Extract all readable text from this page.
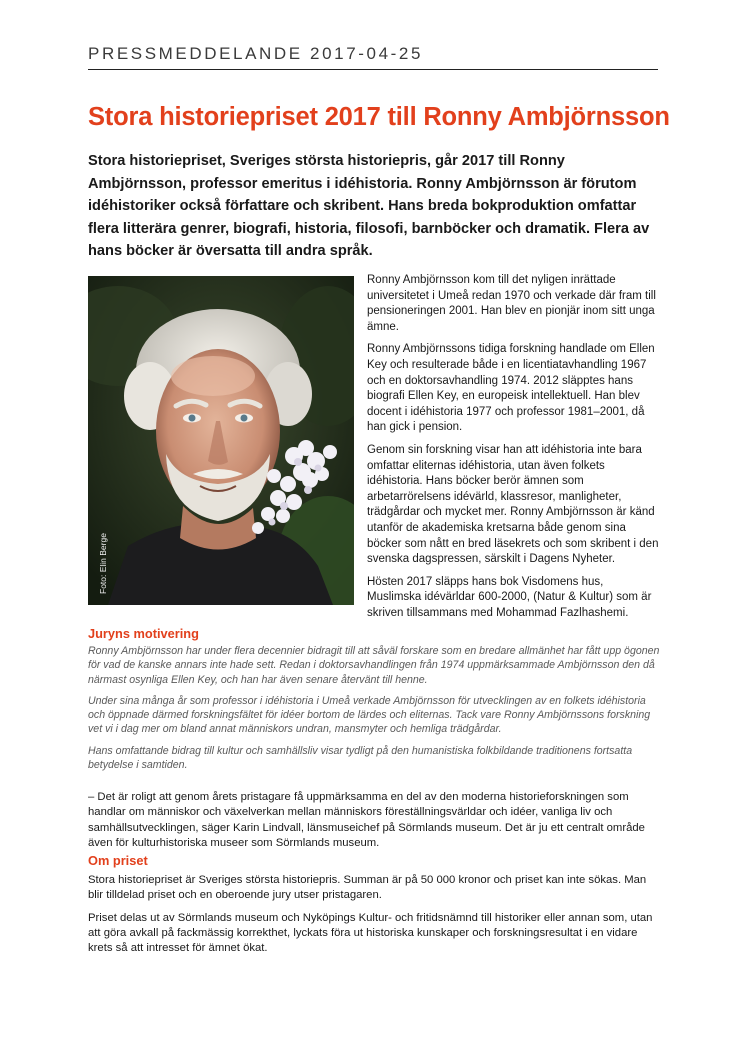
PRESSMEDDELANDE 2017-04-25
Stora historiepriset 2017 till Ronny Ambjörnsson
Stora historiepriset, Sveriges största historiepris, går 2017 till Ronny Ambjörnsson, professor emeritus i idéhistoria. Ronny Ambjörnsson är förutom idéhistoriker också författare och skribent. Hans breda bokproduktion omfattar flera litterära genrer, biografi, historia, filosofi, barnböcker och dramatik. Flera av hans böcker är översatta till andra språk.
Foto: Elin Berge

Ronny Ambjörnsson kom till det nyligen inrättade universitetet i Umeå redan 1970 och verkade där fram till pensioneringen 2001. Han blev en pionjär inom sitt unga ämne.

Ronny Ambjörnssons tidiga forskning handlade om Ellen Key och resulterade både i en licentiatavhandling 1967 och en doktorsavhandling 1974. 2012 släpptes hans biografi Ellen Key, en europeisk intellektuell. Han blev docent i idéhistoria 1977 och professor 1981–2001, då han gick i pension.

Genom sin forskning visar han att idéhistoria inte bara omfattar eliternas idéhistoria, utan även folkets idéhistoria. Hans böcker berör ämnen som arbetarrörelsens idévärld, klassresor, manligheter, trädgårdar och mycket mer. Ronny Ambjörnsson är känd utanför de akademiska kretsarna både genom sina böcker som nått en bred läsekrets och som skribent i den svenska dagspressen, särskilt i Dagens Nyheter.

Hösten 2017 släpps hans bok Visdomens hus, Muslimska idévärldar 600-2000, (Natur & Kultur) som är skriven tillsammans med Mohammad Fazlhashemi.

Juryns motivering

Ronny Ambjörnsson har under flera decennier bidragit till att såväl forskare som en bredare allmänhet har fått upp ögonen för vad de kanske annars inte hade sett. Redan i doktorsavhandlingen från 1974 uppmärksammade Ambjörnsson den då närmast osynliga Ellen Key, och han har även senare återvänt till henne.

Under sina många år som professor i idéhistoria i Umeå verkade Ambjörnsson för utvecklingen av en folkets idéhistoria och öppnade därmed forskningsfältet för idéer bortom de lärdes och eliternas. Tack vare Ronny Ambjörnssons forskning vet vi i dag mer om bland annat människors undran, mansmyter och hemliga trädgårdar.

Hans omfattande bidrag till kultur och samhällsliv visar tydligt på den humanistiska folkbildande traditionens fortsatta betydelse i samtiden.

– Det är roligt att genom årets pristagare få uppmärksamma en del av den moderna historieforskningen som handlar om människor och växelverkan mellan människors föreställningsvärldar och idéer, vanliga liv och samhällsutvecklingen, säger Karin Lindvall, länsmuseichef på Sörmlands museum. Det är ju ett centralt område även för kulturhistoriska museer som Sörmlands museum.

Om priset

Stora historiepriset är Sveriges största historiepris. Summan är på 50 000 kronor och priset kan inte sökas. Man blir tilldelad priset och en oberoende jury utser pristagaren.

Priset delas ut av Sörmlands museum och Nyköpings Kultur- och fritidsnämnd till historiker eller annan som, utan att göra avkall på fackmässig korrekthet, lyckats föra ut historiska kunskaper och forskningsresultat i en vidare krets så att intresset för ämnet ökat.
